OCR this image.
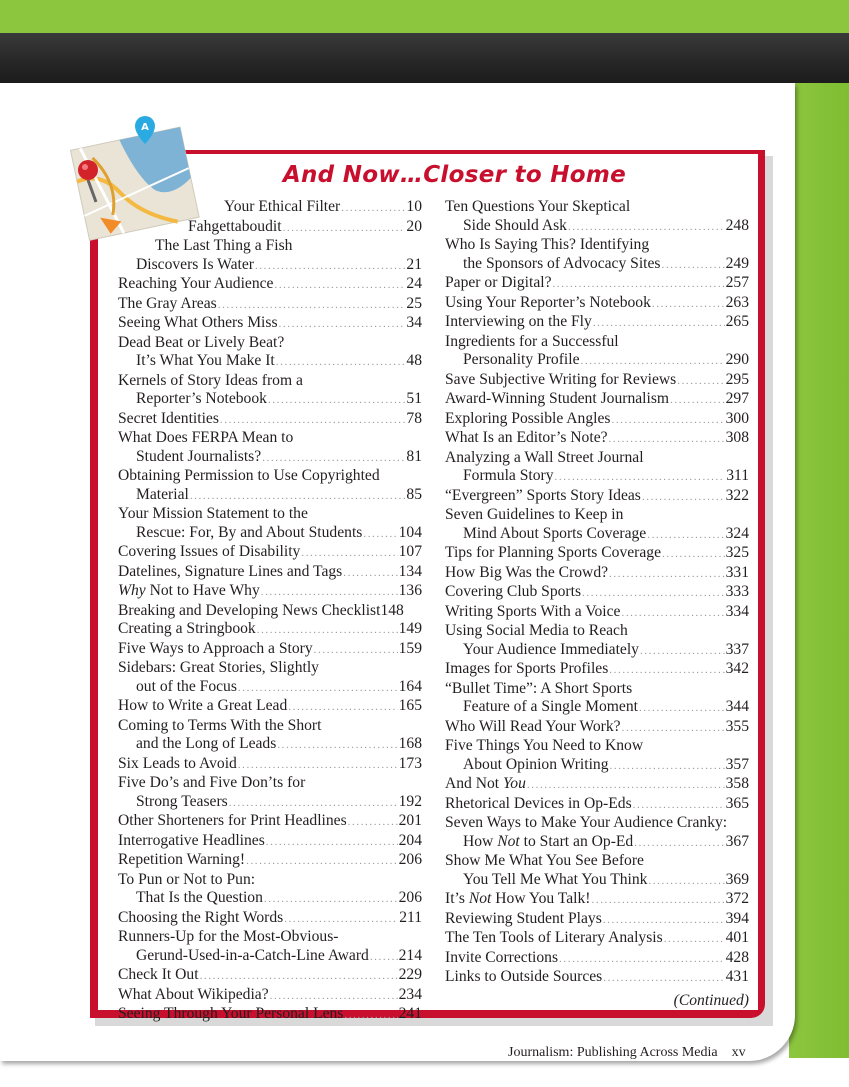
A
And Now…Closer to Home
Your Ethical Filter .....	10
Fahgettaboudit .....	20
The Last Thing a Fish
Discovers Is Water .....	21
Reaching Your Audience .....	24
The Gray Areas .....	25
Seeing What Others Miss .....	34
Dead Beat or Lively Beat?
It’s What You Make It .....	48
Kernels of Story Ideas from a
Reporter’s Notebook .....	51
Secret Identities .....	78
What Does FERPA Mean to
Student Journalists? .....	81
Obtaining Permission to Use Copyrighted
Material .....	85
Your Mission Statement to the
Rescue: For, By and About Students ..... 104
Covering Issues of Disability .....	107
Datelines, Signature Lines and Tags .....	134
Why Not to Have Why .....	136
Breaking and Developing News Checklist 148
Creating a Stringbook .....	149
Five Ways to Approach a Story .....	159
Sidebars: Great Stories, Slightly
out of the Focus .....	164
How to Write a Great Lead .....	165
Coming to Terms With the Short
and the Long of Leads .....	168
Six Leads to Avoid .....	173
Five Do’s and Five Don’ts for
Strong Teasers .....	192
Other Shorteners for Print Headlines .....	201
Interrogative Headlines .....	204
Repetition Warning! .....	206
To Pun or Not to Pun:
That Is the Question .....	206
Choosing the Right Words .....	211
Runners-Up for the Most-Obvious-
Gerund-Used-in-a-Catch-Line Award ..... 214
Check It Out .....	229
What About Wikipedia? .....	234
Seeing Through Your Personal Lens .....	241
Ten Questions Your Skeptical
Side Should Ask .....	248
Who Is Saying This? Identifying
the Sponsors of Advocacy Sites .....	249
Paper or Digital? .....	257
Using Your Reporter’s Notebook .....	263
Interviewing on the Fly .....	265
Ingredients for a Successful
Personality Profile .....	290
Save Subjective Writing for Reviews .....	295
Award-Winning Student Journalism .....	297
Exploring Possible Angles .....	300
What Is an Editor’s Note? .....	308
Analyzing a Wall Street Journal
Formula Story .....	311
“Evergreen” Sports Story Ideas .....	322
Seven Guidelines to Keep in
Mind About Sports Coverage .....	324
Tips for Planning Sports Coverage .....	325
How Big Was the Crowd? .....	331
Covering Club Sports .....	333
Writing Sports With a Voice .....	334
Using Social Media to Reach
Your Audience Immediately .....	337
Images for Sports Profiles .....	342
“Bullet Time”: A Short Sports
Feature of a Single Moment .....	344
Who Will Read Your Work? .....	355
Five Things You Need to Know
About Opinion Writing .....	357
And Not You .....	358
Rhetorical Devices in Op-Eds .....	365
Seven Ways to Make Your Audience Cranky:
How Not to Start an Op-Ed .....	367
Show Me What You See Before
You Tell Me What You Think .....	369
It’s Not How You Talk! .....	372
Reviewing Student Plays .....	394
The Ten Tools of Literary Analysis .....	401
Invite Corrections .....	428
Links to Outside Sources .....	431
(Continued)
Journalism: Publishing Across Media xv
